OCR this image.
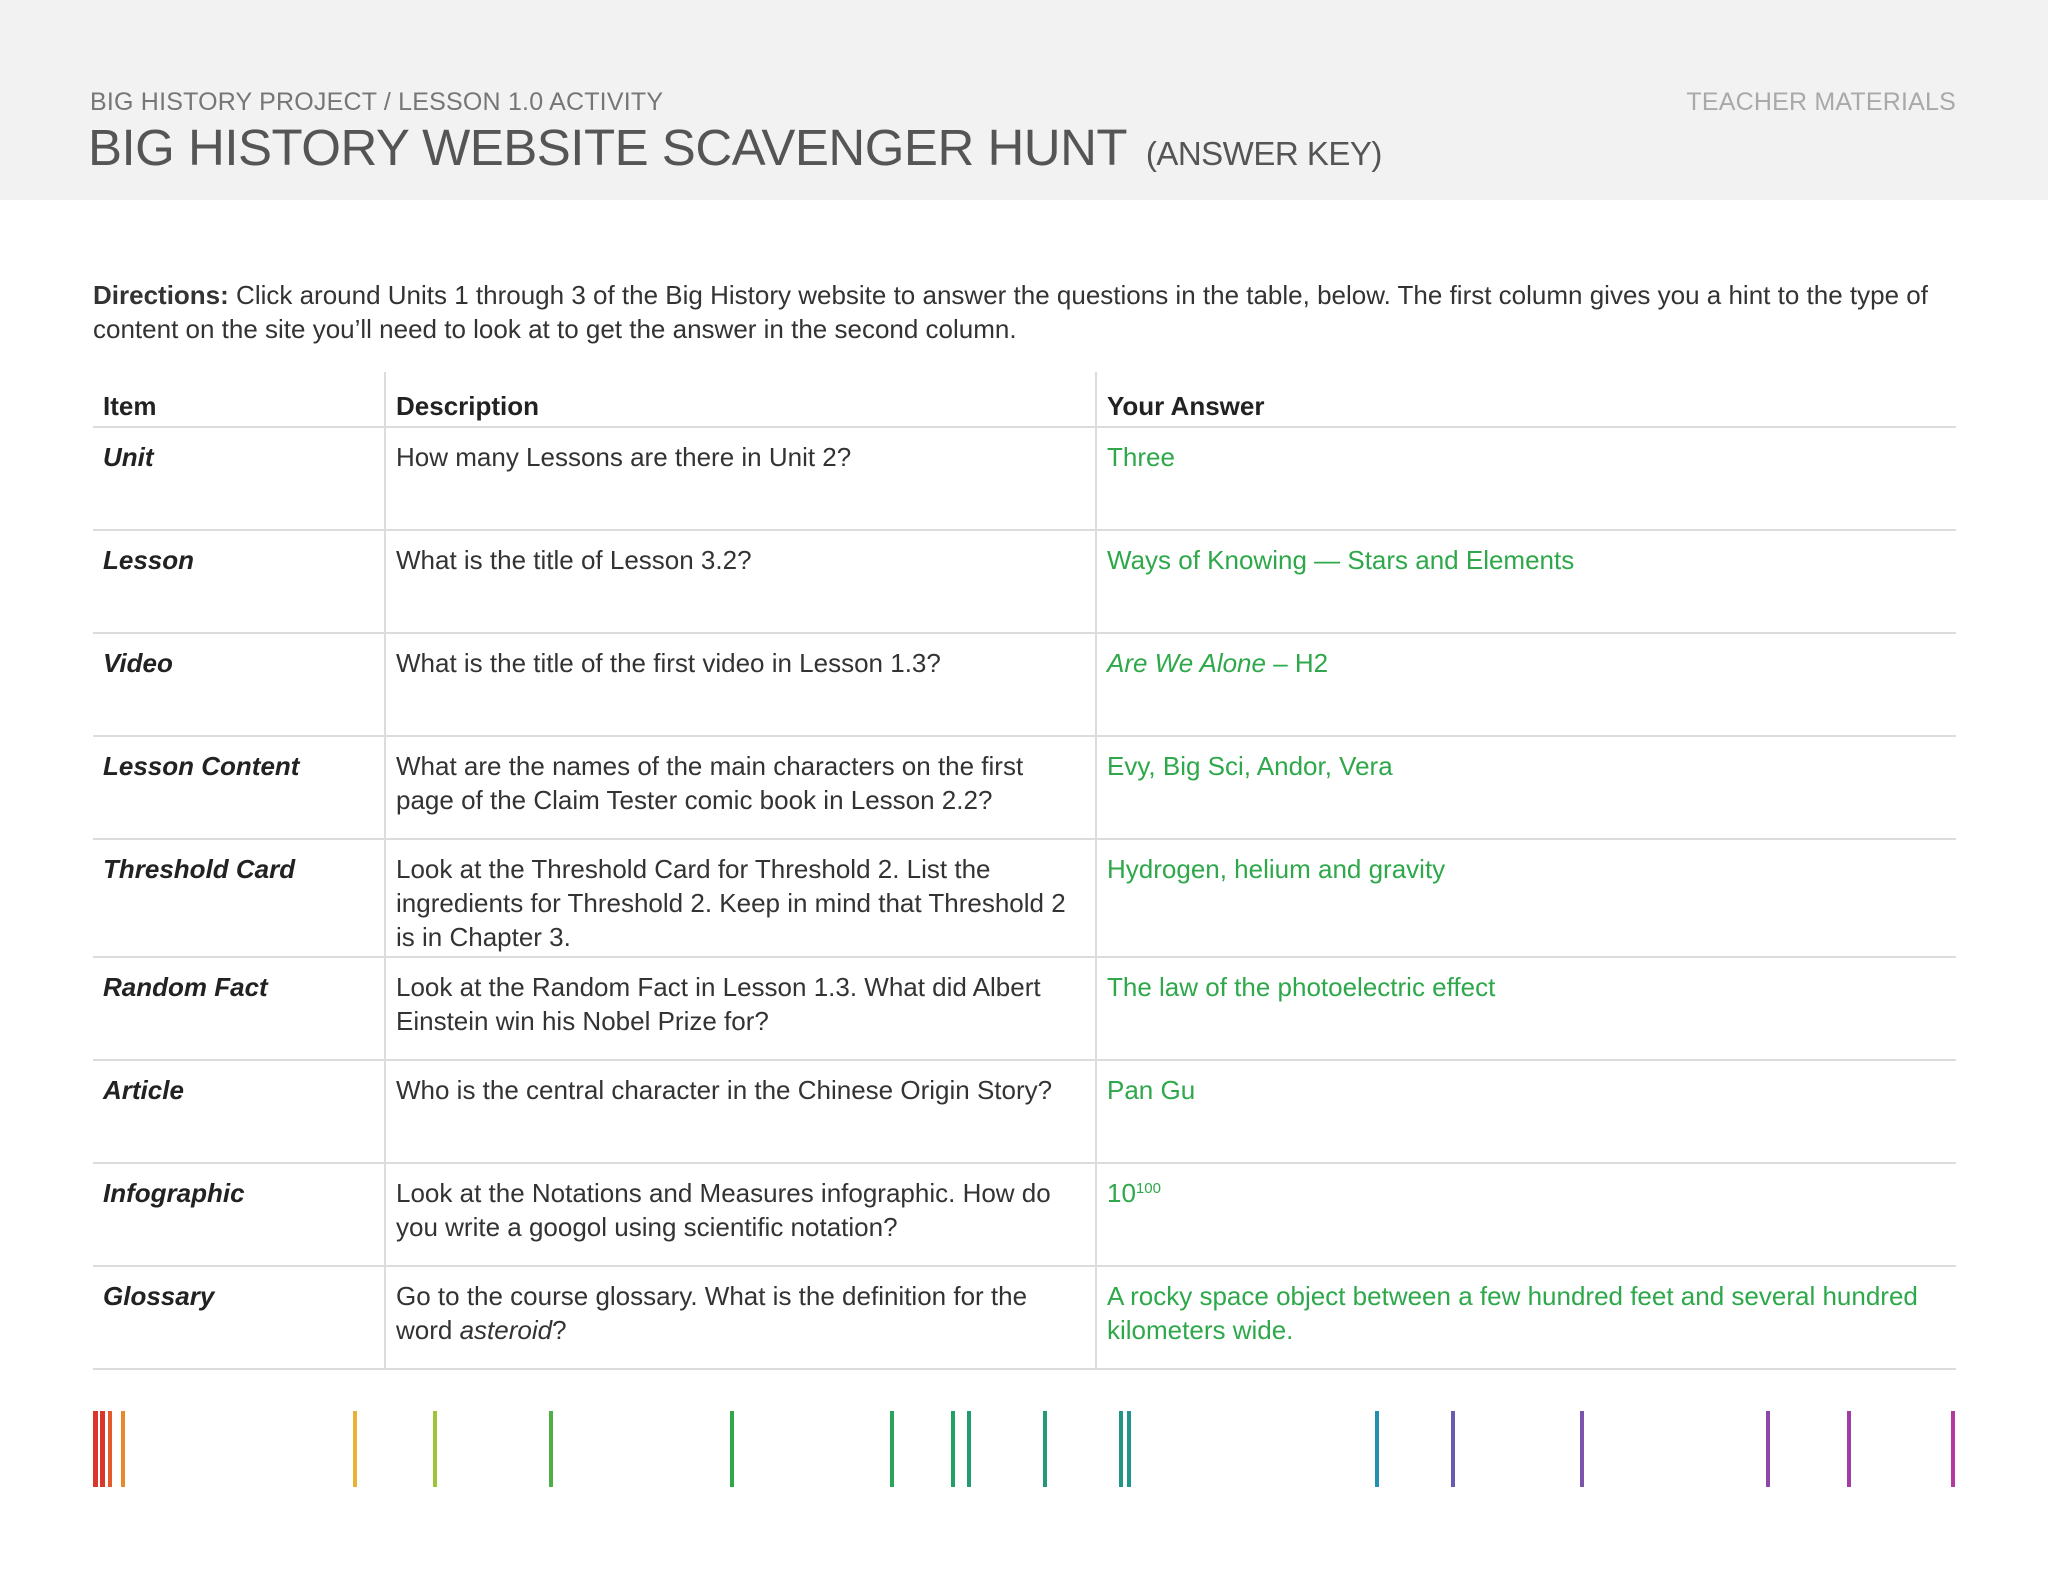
BIG HISTORY PROJECT / LESSON 1.0 ACTIVITY	TEACHER MATERIALS
BIG HISTORY WEBSITE SCAVENGER HUNT (ANSWER KEY)
Directions: Click around Units 1 through 3 of the Big History website to answer the questions in the table, below. The first column gives you a hint to the type of content on the site you’ll need to look at to get the answer in the second column.
Item	Description	Your Answer
Unit	How many Lessons are there in Unit 2?	Three
Lesson	What is the title of Lesson 3.2?	Ways of Knowing — Stars and Elements
Video	What is the title of the first video in Lesson 1.3?	Are We Alone – H2
Lesson Content	What are the names of the main characters on the first page of the Claim Tester comic book in Lesson 2.2?	Evy, Big Sci, Andor, Vera
Threshold Card	Look at the Threshold Card for Threshold 2. List the ingredients for Threshold 2. Keep in mind that Threshold 2 is in Chapter 3.	Hydrogen, helium and gravity
Random Fact	Look at the Random Fact in Lesson 1.3. What did Albert Einstein win his Nobel Prize for?	The law of the photoelectric effect
Article	Who is the central character in the Chinese Origin Story?	Pan Gu
Infographic	Look at the Notations and Measures infographic. How do you write a googol using scientific notation?	$10^{100}$
Glossary	Go to the course glossary. What is the definition for the word asteroid?	A rocky space object between a few hundred feet and several hundred kilometers wide.
